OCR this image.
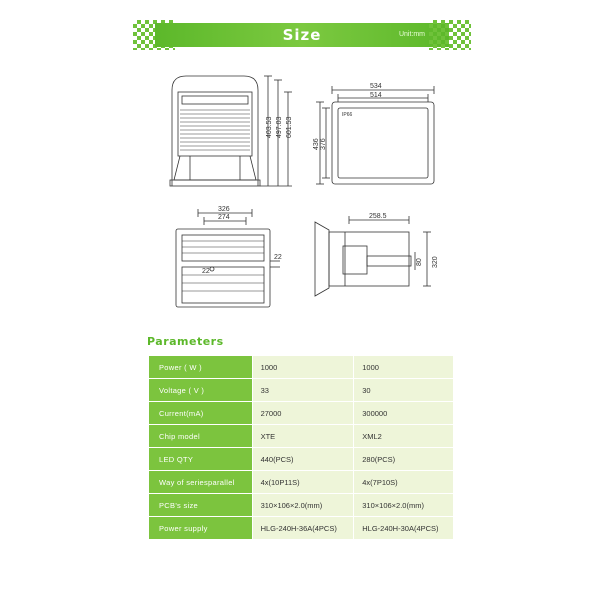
Size	Unit:mm
403.53 497.03 601.53
534
514
436 376
IP66
326
274
22
22
258.5
320
80
Parameters
Power ( W )	1000	1000
Voltage ( V )	33	30
Current(mA)	27000	300000
Chip model	XTE	XML2
LED QTY	440(PCS)	280(PCS)
Way of seriesparallel	4x(10P11S)	4x(7P10S)
PCB's size	310×106×2.0(mm)	310×106×2.0(mm)
Power supply	HLG-240H-36A(4PCS)	HLG-240H-30A(4PCS)
